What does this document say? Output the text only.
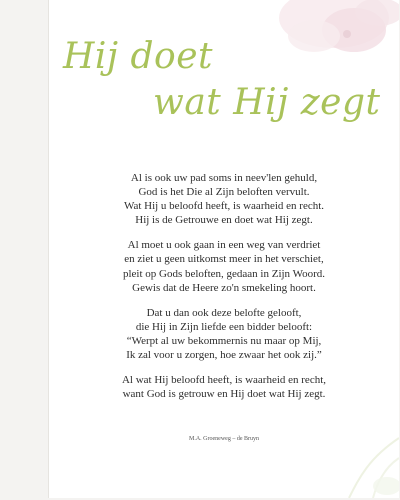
Hij doet
wat Hij zegt

Al is ook uw pad soms in neev'len gehuld,
God is het Die al Zijn beloften vervult.
Wat Hij u beloofd heeft, is waarheid en recht.
Hij is de Getrouwe en doet wat Hij zegt.

Al moet u ook gaan in een weg van verdriet
en ziet u geen uitkomst meer in het verschiet,
pleit op Gods beloften, gedaan in Zijn Woord.
Gewis dat de Heere zo'n smekeling hoort.

Dat u dan ook deze belofte gelooft,
die Hij in Zijn liefde een bidder belooft:
“Werpt al uw bekommernis nu maar op Mij,
Ik zal voor u zorgen, hoe zwaar het ook zij.”

Al wat Hij beloofd heeft, is waarheid en recht,
want God is getrouw en Hij doet wat Hij zegt.

M.A. Groeneweg – de Bruyn
